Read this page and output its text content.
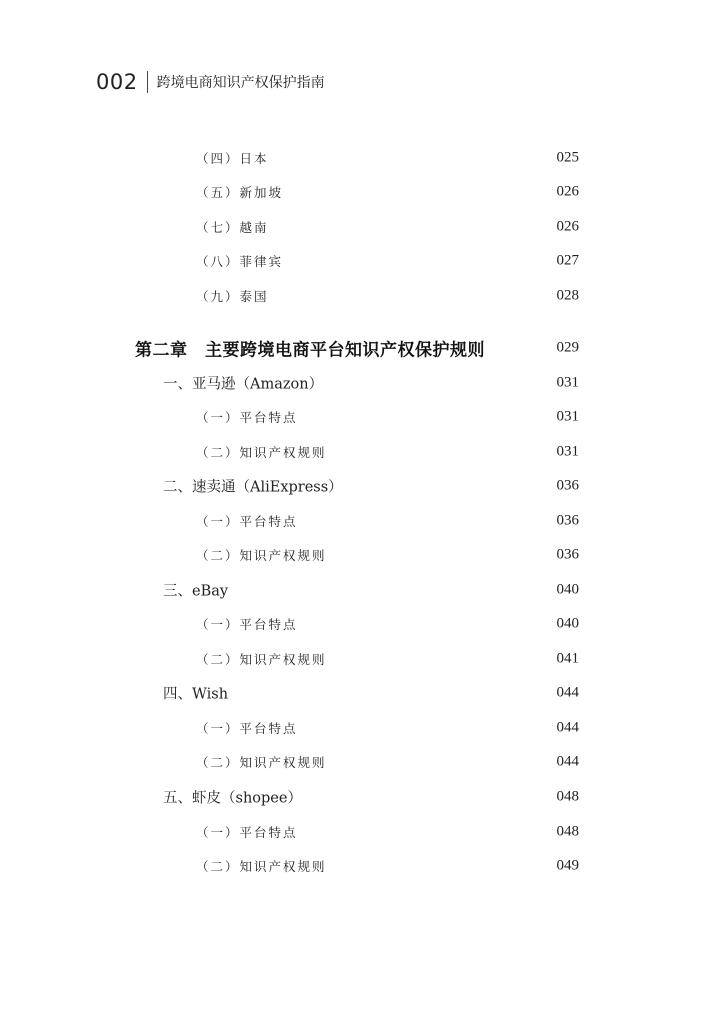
002 跨境电商知识产权保护指南
（四）日本	025
（五）新加坡	026
（七）越南	026
（八）菲律宾	027
（九）泰国	028
第二章　主要跨境电商平台知识产权保护规则	029
一、亚马逊（Amazon）	031
（一）平台特点	031
（二）知识产权规则	031
二、速卖通（AliExpress）	036
（一）平台特点	036
（二）知识产权规则	036
三、eBay	040
（一）平台特点	040
（二）知识产权规则	041
四、Wish	044
（一）平台特点	044
（二）知识产权规则	044
五、虾皮（shopee）	048
（一）平台特点	048
（二）知识产权规则	049
